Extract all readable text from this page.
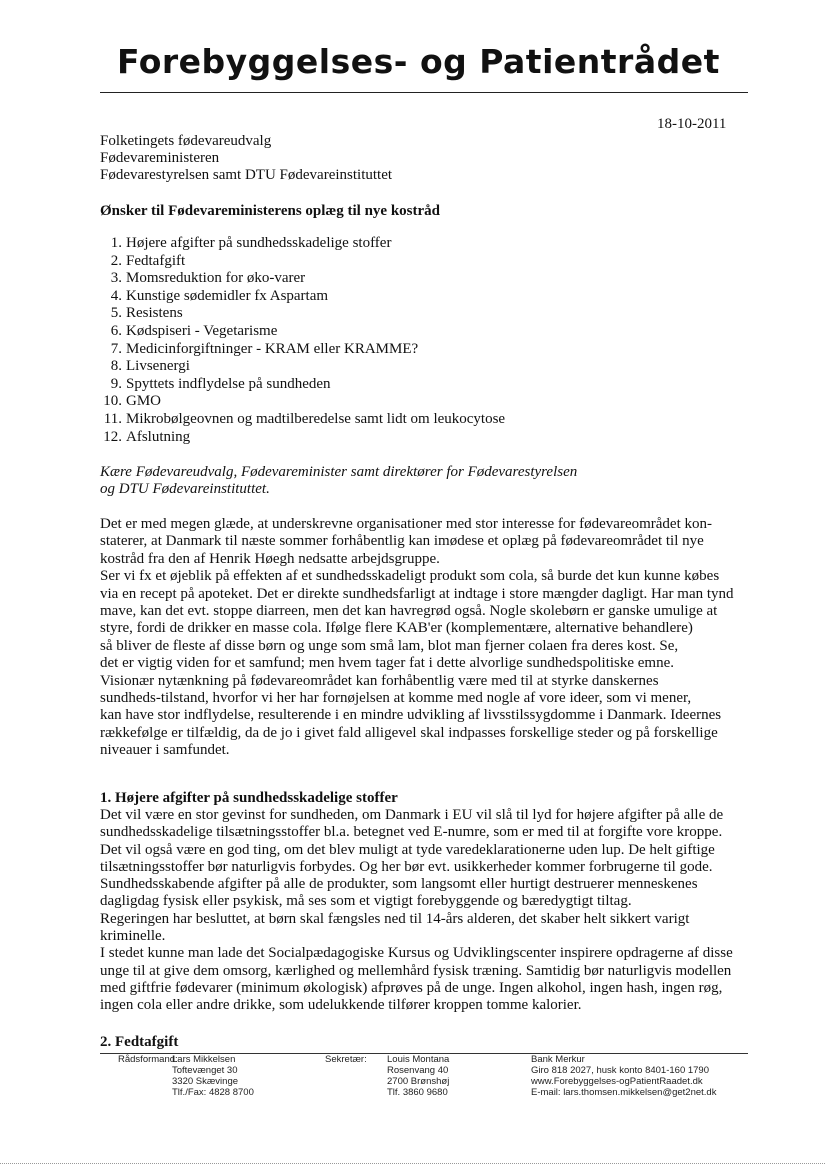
Forebyggelses- og Patientrådet
18-10-2011
Folketingets fødevareudvalg
Fødevareministeren
Fødevarestyrelsen samt DTU Fødevareinstituttet
Ønsker til Fødevareministerens oplæg til nye kostråd
1. Højere afgifter på sundhedsskadelige stoffer
2. Fedtafgift
3. Momsreduktion for øko-varer
4. Kunstige sødemidler fx Aspartam
5. Resistens
6. Kødspiseri - Vegetarisme
7. Medicinforgiftninger - KRAM eller KRAMME?
8. Livsenergi
9. Spyttets indflydelse på sundheden
10. GMO
11. Mikrobølgeovnen og madtilberedelse samt lidt om leukocytose
12. Afslutning
Kære Fødevareudvalg, Fødevareminister samt direktører for Fødevarestyrelsen
og DTU Fødevareinstituttet.

Det er med megen glæde, at underskrevne organisationer med stor interesse for fødevareområdet kon-

staterer, at Danmark til næste sommer forhåbentlig kan imødese et oplæg på fødevareområdet til nye

kostråd fra den af Henrik Høegh nedsatte arbejdsgruppe.

Ser vi fx et øjeblik på effekten af et sundhedsskadeligt produkt som cola, så burde det kun kunne købes

via en recept på apoteket. Det er direkte sundhedsfarligt at indtage i store mængder dagligt. Har man tynd

mave, kan det evt. stoppe diarreen, men det kan havregrød også. Nogle skolebørn er ganske umulige at

styre, fordi de drikker en masse cola. Ifølge flere KAB'er (komplementære, alternative behandlere)

så bliver de fleste af disse børn og unge som små lam, blot man fjerner colaen fra deres kost. Se,

det er vigtig viden for et samfund; men hvem tager fat i dette alvorlige sundhedspolitiske emne.

Visionær nytænkning på fødevareområdet kan forhåbentlig være med til at styrke danskernes

sundheds-tilstand, hvorfor vi her har fornøjelsen at komme med nogle af vore ideer, som vi mener,

kan have stor indflydelse, resulterende i en mindre udvikling af livsstilssygdomme i Danmark. Ideernes

rækkefølge er tilfældig, da de jo i givet fald alligevel skal indpasses forskellige steder og på forskellige

niveauer i samfundet.

1. Højere afgifter på sundhedsskadelige stoffer

Det vil være en stor gevinst for sundheden, om Danmark i EU vil slå til lyd for højere afgifter på alle de

sundhedsskadelige tilsætningsstoffer bl.a. betegnet ved E-numre, som er med til at forgifte vore kroppe.

Det vil også være en god ting, om det blev muligt at tyde varedeklarationerne uden lup. De helt giftige

tilsætningsstoffer bør naturligvis forbydes. Og her bør evt. usikkerheder kommer forbrugerne til gode.

Sundhedsskabende afgifter på alle de produkter, som langsomt eller hurtigt destruerer menneskenes

dagligdag fysisk eller psykisk, må ses som et vigtigt forebyggende og bæredygtigt tiltag.

Regeringen har besluttet, at børn skal fængsles ned til 14-års alderen, det skaber helt sikkert varigt

kriminelle.

I stedet kunne man lade det Socialpædagogiske Kursus og Udviklingscenter inspirere opdragerne af disse

unge til at give dem omsorg, kærlighed og mellemhård fysisk træning. Samtidig bør naturligvis modellen

med giftfrie fødevarer (minimum økologisk) afprøves på de unge. Ingen alkohol, ingen hash, ingen røg,

ingen cola eller andre drikke, som udelukkende tilfører kroppen tomme kalorier.

2. Fedtafgift
Rådsformand:
Lars Mikkelsen
Toftevænget 30
3320 Skævinge
Tlf./Fax: 4828 8700
Sekretær: Louis Montana
Rosenvang 40
2700 Brønshøj
Tlf. 3860 9680
Bank Merkur
Giro 818 2027, husk konto 8401-160 1790
www.Forebyggelses-ogPatientRaadet.dk
E-mail: lars.thomsen.mikkelsen@get2net.dk
